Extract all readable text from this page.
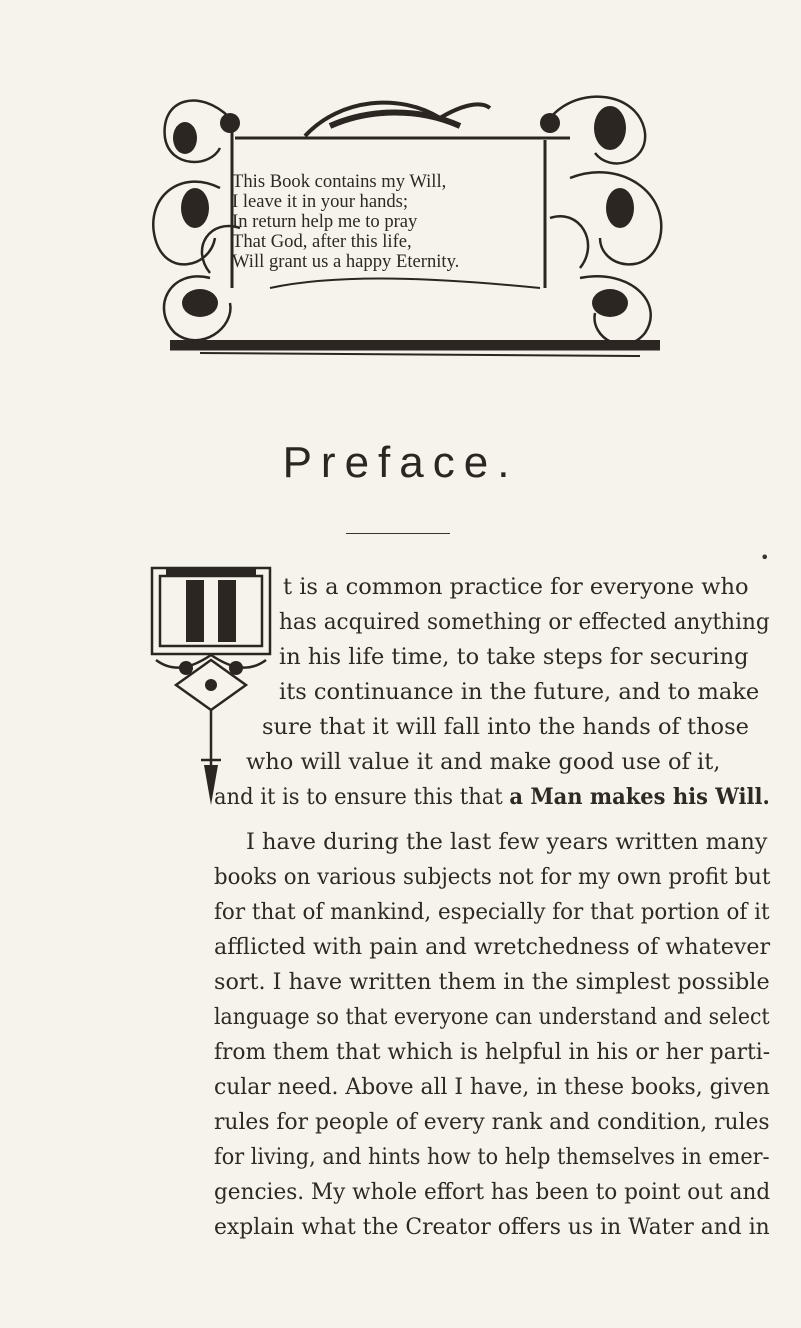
This Book contains my Will,
I leave it in your hands;
In return help me to pray
That God, after this life,
Will grant us a happy Eternity.
Preface.
•
t is a common practice for everyone who
has acquired something or effected anything
in his life time, to take steps for securing
its continuance in the future, and to make
sure that it will fall into the hands of those
who will value it and make good use of it,
and it is to ensure this that a Man makes his Will.
I have during the last few years written many
books on various subjects not for my own profit but
for that of mankind, especially for that portion of it
afflicted with pain and wretchedness of whatever
sort. I have written them in the simplest possible
language so that everyone can understand and select
from them that which is helpful in his or her parti-
cular need. Above all I have, in these books, given
rules for people of every rank and condition, rules
for living, and hints how to help themselves in emer-
gencies. My whole effort has been to point out and
explain what the Creator offers us in Water and in
